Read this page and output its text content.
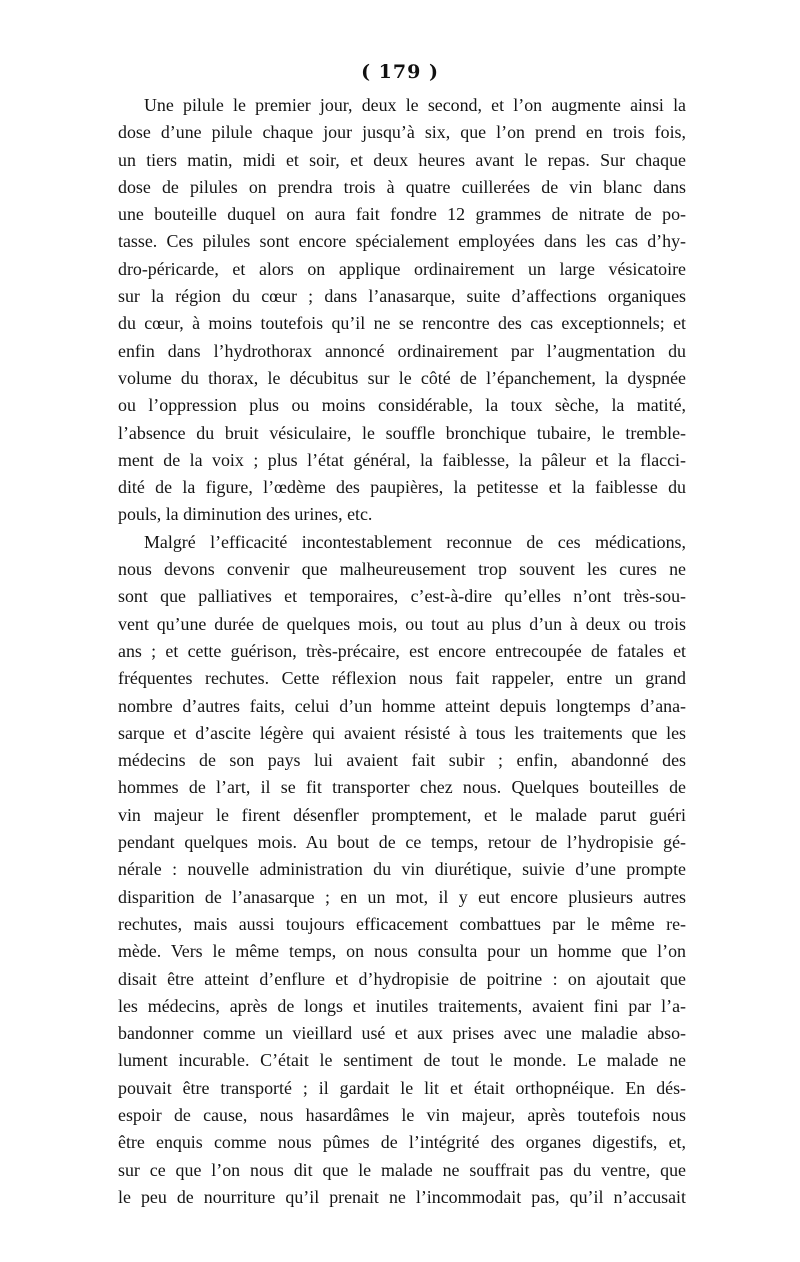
( 179 )
Une pilule le premier jour, deux le second, et l’on augmente ainsi la
dose d’une pilule chaque jour jusqu’à six, que l’on prend en trois fois,
un tiers matin, midi et soir, et deux heures avant le repas. Sur chaque
dose de pilules on prendra trois à quatre cuillerées de vin blanc dans
une bouteille duquel on aura fait fondre 12 grammes de nitrate de po-
tasse. Ces pilules sont encore spécialement employées dans les cas d’hy-
dro-péricarde, et alors on applique ordinairement un large vésicatoire
sur la région du cœur ; dans l’anasarque, suite d’affections organiques
du cœur, à moins toutefois qu’il ne se rencontre des cas exceptionnels; et
enfin dans l’hydrothorax annoncé ordinairement par l’augmentation du
volume du thorax, le décubitus sur le côté de l’épanchement, la dyspnée
ou l’oppression plus ou moins considérable, la toux sèche, la matité,
l’absence du bruit vésiculaire, le souffle bronchique tubaire, le tremble-
ment de la voix ; plus l’état général, la faiblesse, la pâleur et la flacci-
dité de la figure, l’œdème des paupières, la petitesse et la faiblesse du
pouls, la diminution des urines, etc.
Malgré l’efficacité incontestablement reconnue de ces médications,
nous devons convenir que malheureusement trop souvent les cures ne
sont que palliatives et temporaires, c’est-à-dire qu’elles n’ont très-sou-
vent qu’une durée de quelques mois, ou tout au plus d’un à deux ou trois
ans ; et cette guérison, très-précaire, est encore entrecoupée de fatales et
fréquentes rechutes. Cette réflexion nous fait rappeler, entre un grand
nombre d’autres faits, celui d’un homme atteint depuis longtemps d’ana-
sarque et d’ascite légère qui avaient résisté à tous les traitements que les
médecins de son pays lui avaient fait subir ; enfin, abandonné des
hommes de l’art, il se fit transporter chez nous. Quelques bouteilles de
vin majeur le firent désenfler promptement, et le malade parut guéri
pendant quelques mois. Au bout de ce temps, retour de l’hydropisie gé-
nérale : nouvelle administration du vin diurétique, suivie d’une prompte
disparition de l’anasarque ; en un mot, il y eut encore plusieurs autres
rechutes, mais aussi toujours efficacement combattues par le même re-
mède. Vers le même temps, on nous consulta pour un homme que l’on
disait être atteint d’enflure et d’hydropisie de poitrine : on ajoutait que
les médecins, après de longs et inutiles traitements, avaient fini par l’a-
bandonner comme un vieillard usé et aux prises avec une maladie abso-
lument incurable. C’était le sentiment de tout le monde. Le malade ne
pouvait être transporté ; il gardait le lit et était orthopnéique. En dés-
espoir de cause, nous hasardâmes le vin majeur, après toutefois nous
être enquis comme nous pûmes de l’intégrité des organes digestifs, et,
sur ce que l’on nous dit que le malade ne souffrait pas du ventre, que
le peu de nourriture qu’il prenait ne l’incommodait pas, qu’il n’accusait
